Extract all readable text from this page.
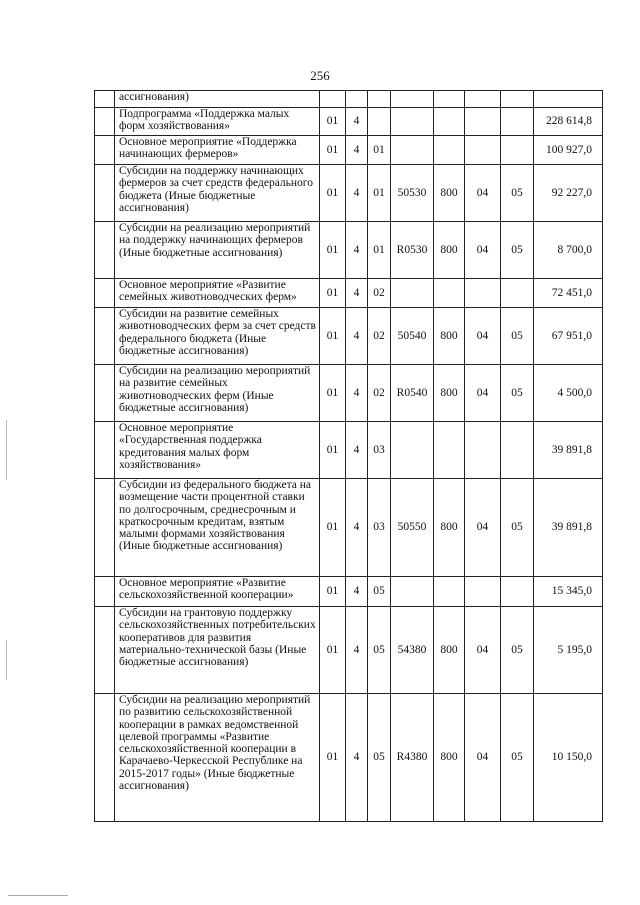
256
	ассигнования)								
	Подпрограмма «Поддержка малых форм хозяйствования»	01	4						228 614,8
	Основное мероприятие «Поддержка начинающих фермеров»	01	4	01					100 927,0
	Субсидии на поддержку начинающих фермеров за счет средств федерального бюджета (Иные бюджетные ассигнования)	01	4	01	50530	800	04	05	92 227,0
	Субсидии на реализацию мероприятий на поддержку начинающих фермеров (Иные бюджетные ассигнования)	01	4	01	R0530	800	04	05	8 700,0
	Основное мероприятие «Развитие семейных животноводческих ферм»	01	4	02					72 451,0
	Субсидии на развитие семейных животноводческих ферм за счет средств федерального бюджета (Иные бюджетные ассигнования)	01	4	02	50540	800	04	05	67 951,0
	Субсидии на реализацию мероприятий на развитие семейных животноводческих ферм (Иные бюджетные ассигнования)	01	4	02	R0540	800	04	05	4 500,0
	Основное мероприятие «Государственная поддержка кредитования малых форм хозяйствования»	01	4	03					39 891,8
	Субсидии из федерального бюджета на возмещение части процентной ставки по долгосрочным, среднесрочным и краткосрочным кредитам, взятым малыми формами хозяйствования (Иные бюджетные ассигнования)	01	4	03	50550	800	04	05	39 891,8
	Основное мероприятие «Развитие сельскохозяйственной кооперации»	01	4	05					15 345,0
	Субсидии на грантовую поддержку сельскохозяйственных потребительских кооперативов для развития материально-технической базы (Иные бюджетные ассигнования)	01	4	05	54380	800	04	05	5 195,0
	Субсидии на реализацию мероприятий по развитию сельскохозяйственной кооперации в рамках ведомственной целевой программы «Развитие сельскохозяйственной кооперации в Карачаево-Черкесской Республике на 2015-2017 годы» (Иные бюджетные ассигнования)	01	4	05	R4380	800	04	05	10 150,0
